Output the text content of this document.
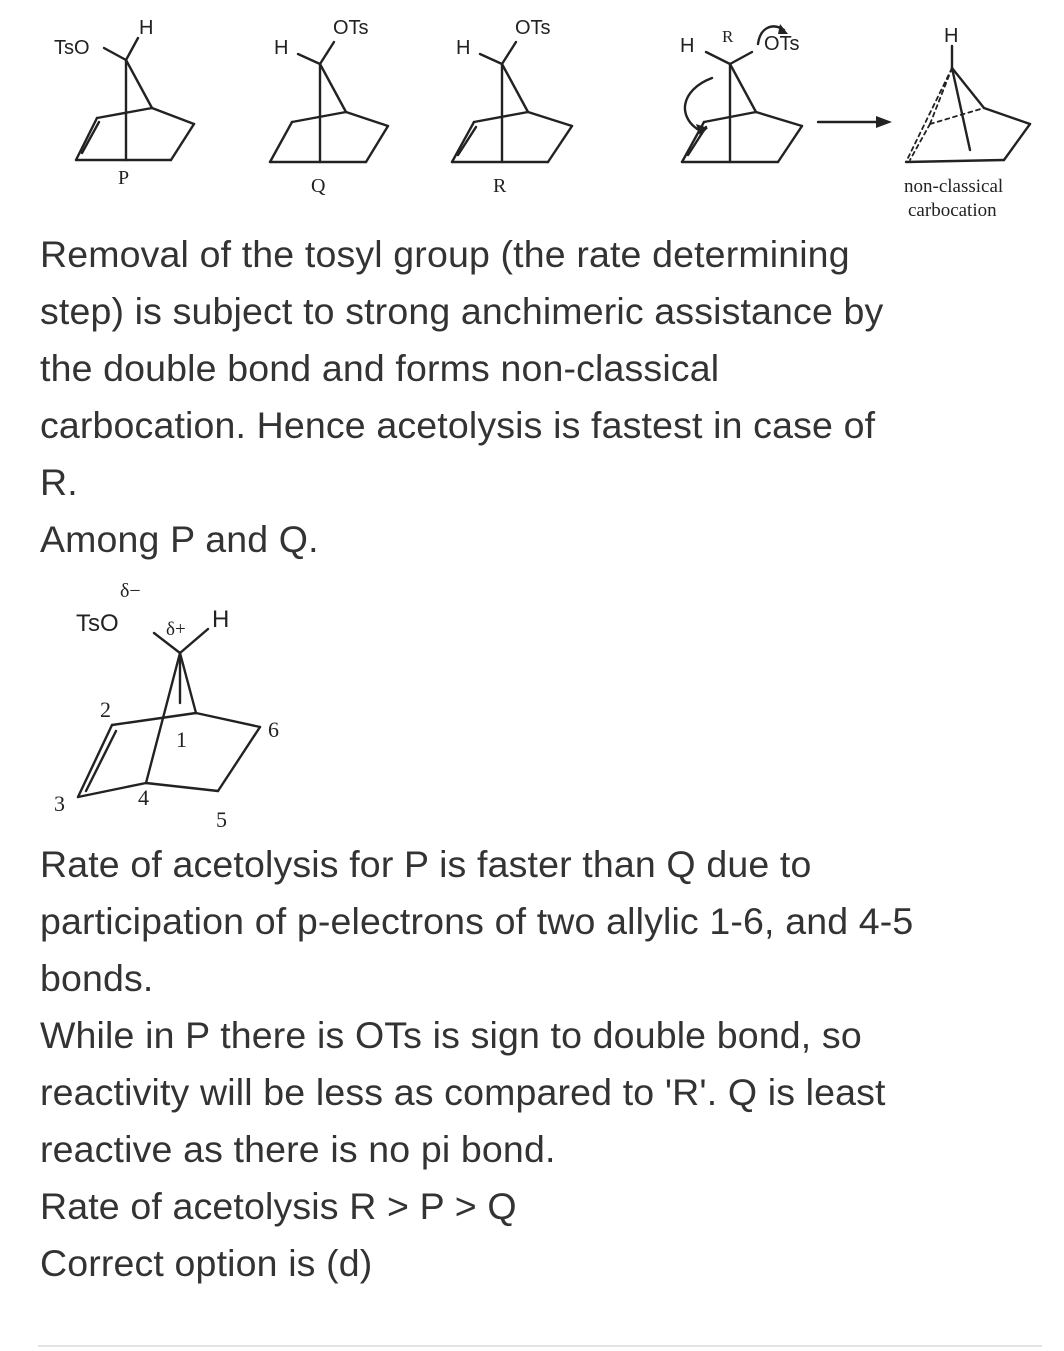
TsO
H
P
H
OTs
Q
H
OTs
R
H R OTs	H
non-classical
carbocation

Removal of the tosyl group (the rate determining
step) is subject to strong anchimeric assistance by
the double bond and forms non-classical
carbocation. Hence acetolysis is fastest in case of
R.

Among P and Q.

δ−
TsO δ+ H
1
2
3	4
5
6

Rate of acetolysis for P is faster than Q due to
participation of p-electrons of two allylic 1-6, and 4-5
bonds.

While in P there is OTs is sign to double bond, so
reactivity will be less as compared to 'R'. Q is least
reactive as there is no pi bond.

Rate of acetolysis R > P > Q

Correct option is (d)
